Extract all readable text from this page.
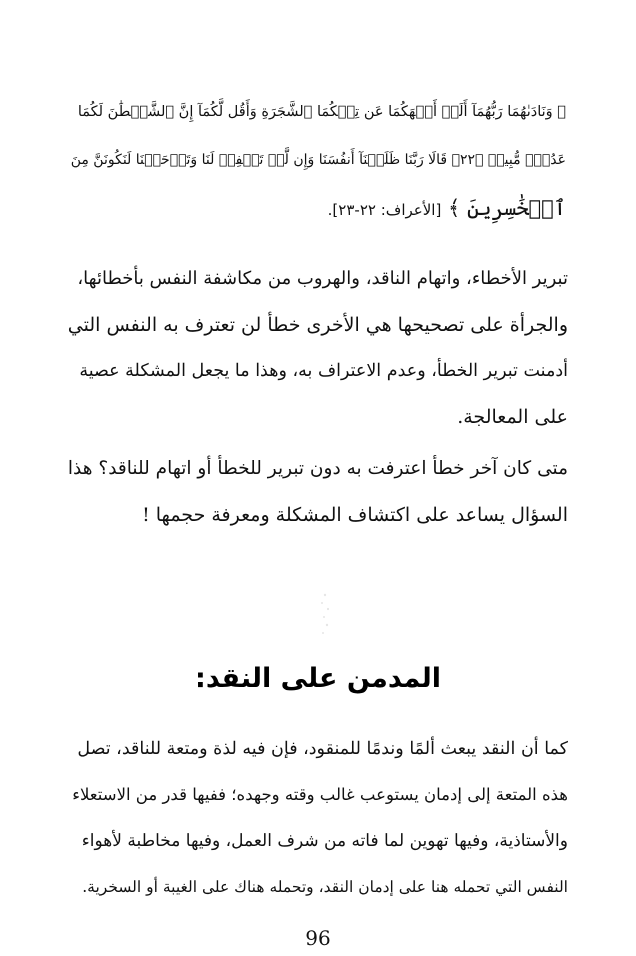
﴿ وَنَادَىٰهُمَا رَبُّهُمَآ أَلَمۡ أَنۡهَكُمَا عَن تِلۡكُمَا ٱلشَّجَرَةِ وَأَقُل لَّكُمَآ إِنَّ ٱلشَّيۡطَٰنَ لَكُمَا
عَدُوّٞ مُّبِينٞ ﴿٢٢﴾ قَالَا رَبَّنَا ظَلَمۡنَآ أَنفُسَنَا وَإِن لَّمۡ تَغۡفِرۡ لَنَا وَتَرۡحَمۡنَا لَنَكُونَنَّ مِنَ
ٱلۡخَٰسِرِينَ ﴾ [الأعراف: ٢٢-٢٣].
تبرير الأخطاء، واتهام الناقد، والهروب من مكاشفة النفس بأخطائها،
والجرأة على تصحيحها هي الأخرى خطأ لن تعترف به النفس التي
أدمنت تبرير الخطأ، وعدم الاعتراف به، وهذا ما يجعل المشكلة عصية
على المعالجة.
متى كان آخر خطأ اعترفت به دون تبرير للخطأ أو اتهام للناقد؟ هذا
السؤال يساعد على اكتشاف المشكلة ومعرفة حجمها !
المدمن على النقد:
كما أن النقد يبعث ألمًا وندمًا للمنقود، فإن فيه لذة ومتعة للناقد، تصل
هذه المتعة إلى إدمان يستوعب غالب وقته وجهده؛ ففيها قدر من الاستعلاء
والأستاذية، وفيها تهوين لما فاته من شرف العمل، وفيها مخاطبة لأهواء
النفس التي تحمله هنا على إدمان النقد، وتحمله هناك على الغيبة أو السخرية.
96
